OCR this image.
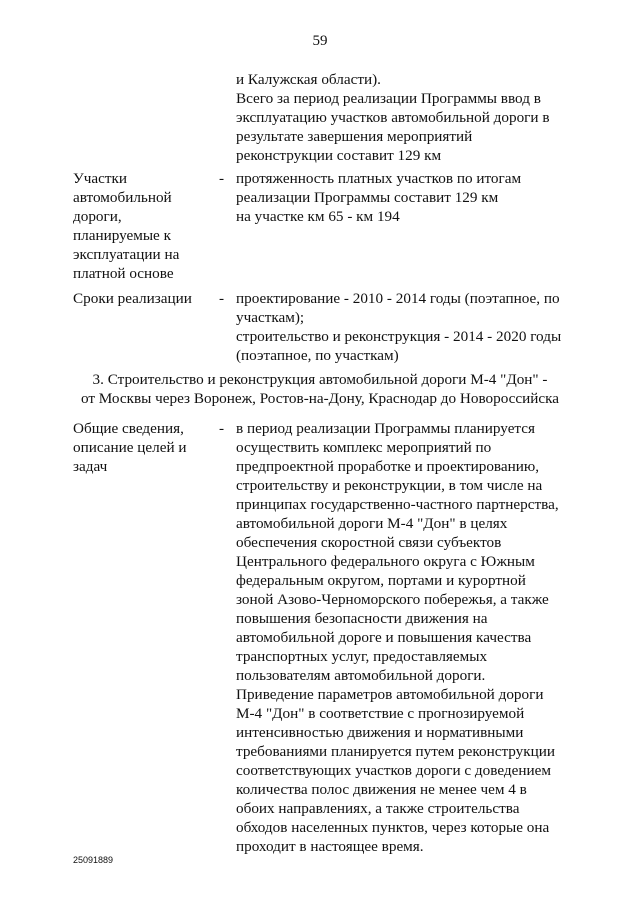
59
и Калужская области).
Всего за период реализации Программы ввод в
эксплуатацию участков автомобильной дороги в
результате завершения мероприятий
реконструкции составит 129 км
Участки
автомобильной
дороги,
планируемые к
эксплуатации на
платной основе
- протяженность платных участков по итогам
реализации Программы составит 129 км
на участке км 65 - км 194
Сроки реализации - проектирование - 2010 - 2014 годы (поэтапное, по
участкам);
строительство и реконструкция - 2014 - 2020 годы
(поэтапное, по участкам)
3. Строительство и реконструкция автомобильной дороги М-4 "Дон" -
от Москвы через Воронеж, Ростов-на-Дону, Краснодар до Новороссийска
Общие сведения,
описание целей и
задач
- в период реализации Программы планируется
осуществить комплекс мероприятий по
предпроектной проработке и проектированию,
строительству и реконструкции, в том числе на
принципах государственно-частного партнерства,
автомобильной дороги М-4 "Дон" в целях
обеспечения скоростной связи субъектов
Центрального федерального округа с Южным
федеральным округом, портами и курортной
зоной Азово-Черноморского побережья, а также
повышения безопасности движения на
автомобильной дороге и повышения качества
транспортных услуг, предоставляемых
пользователям автомобильной дороги.
Приведение параметров автомобильной дороги
М-4 "Дон" в соответствие с прогнозируемой
интенсивностью движения и нормативными
требованиями планируется путем реконструкции
соответствующих участков дороги с доведением
количества полос движения не менее чем 4 в
обоих направлениях, а также строительства
обходов населенных пунктов, через которые она
проходит в настоящее время.
25091889
